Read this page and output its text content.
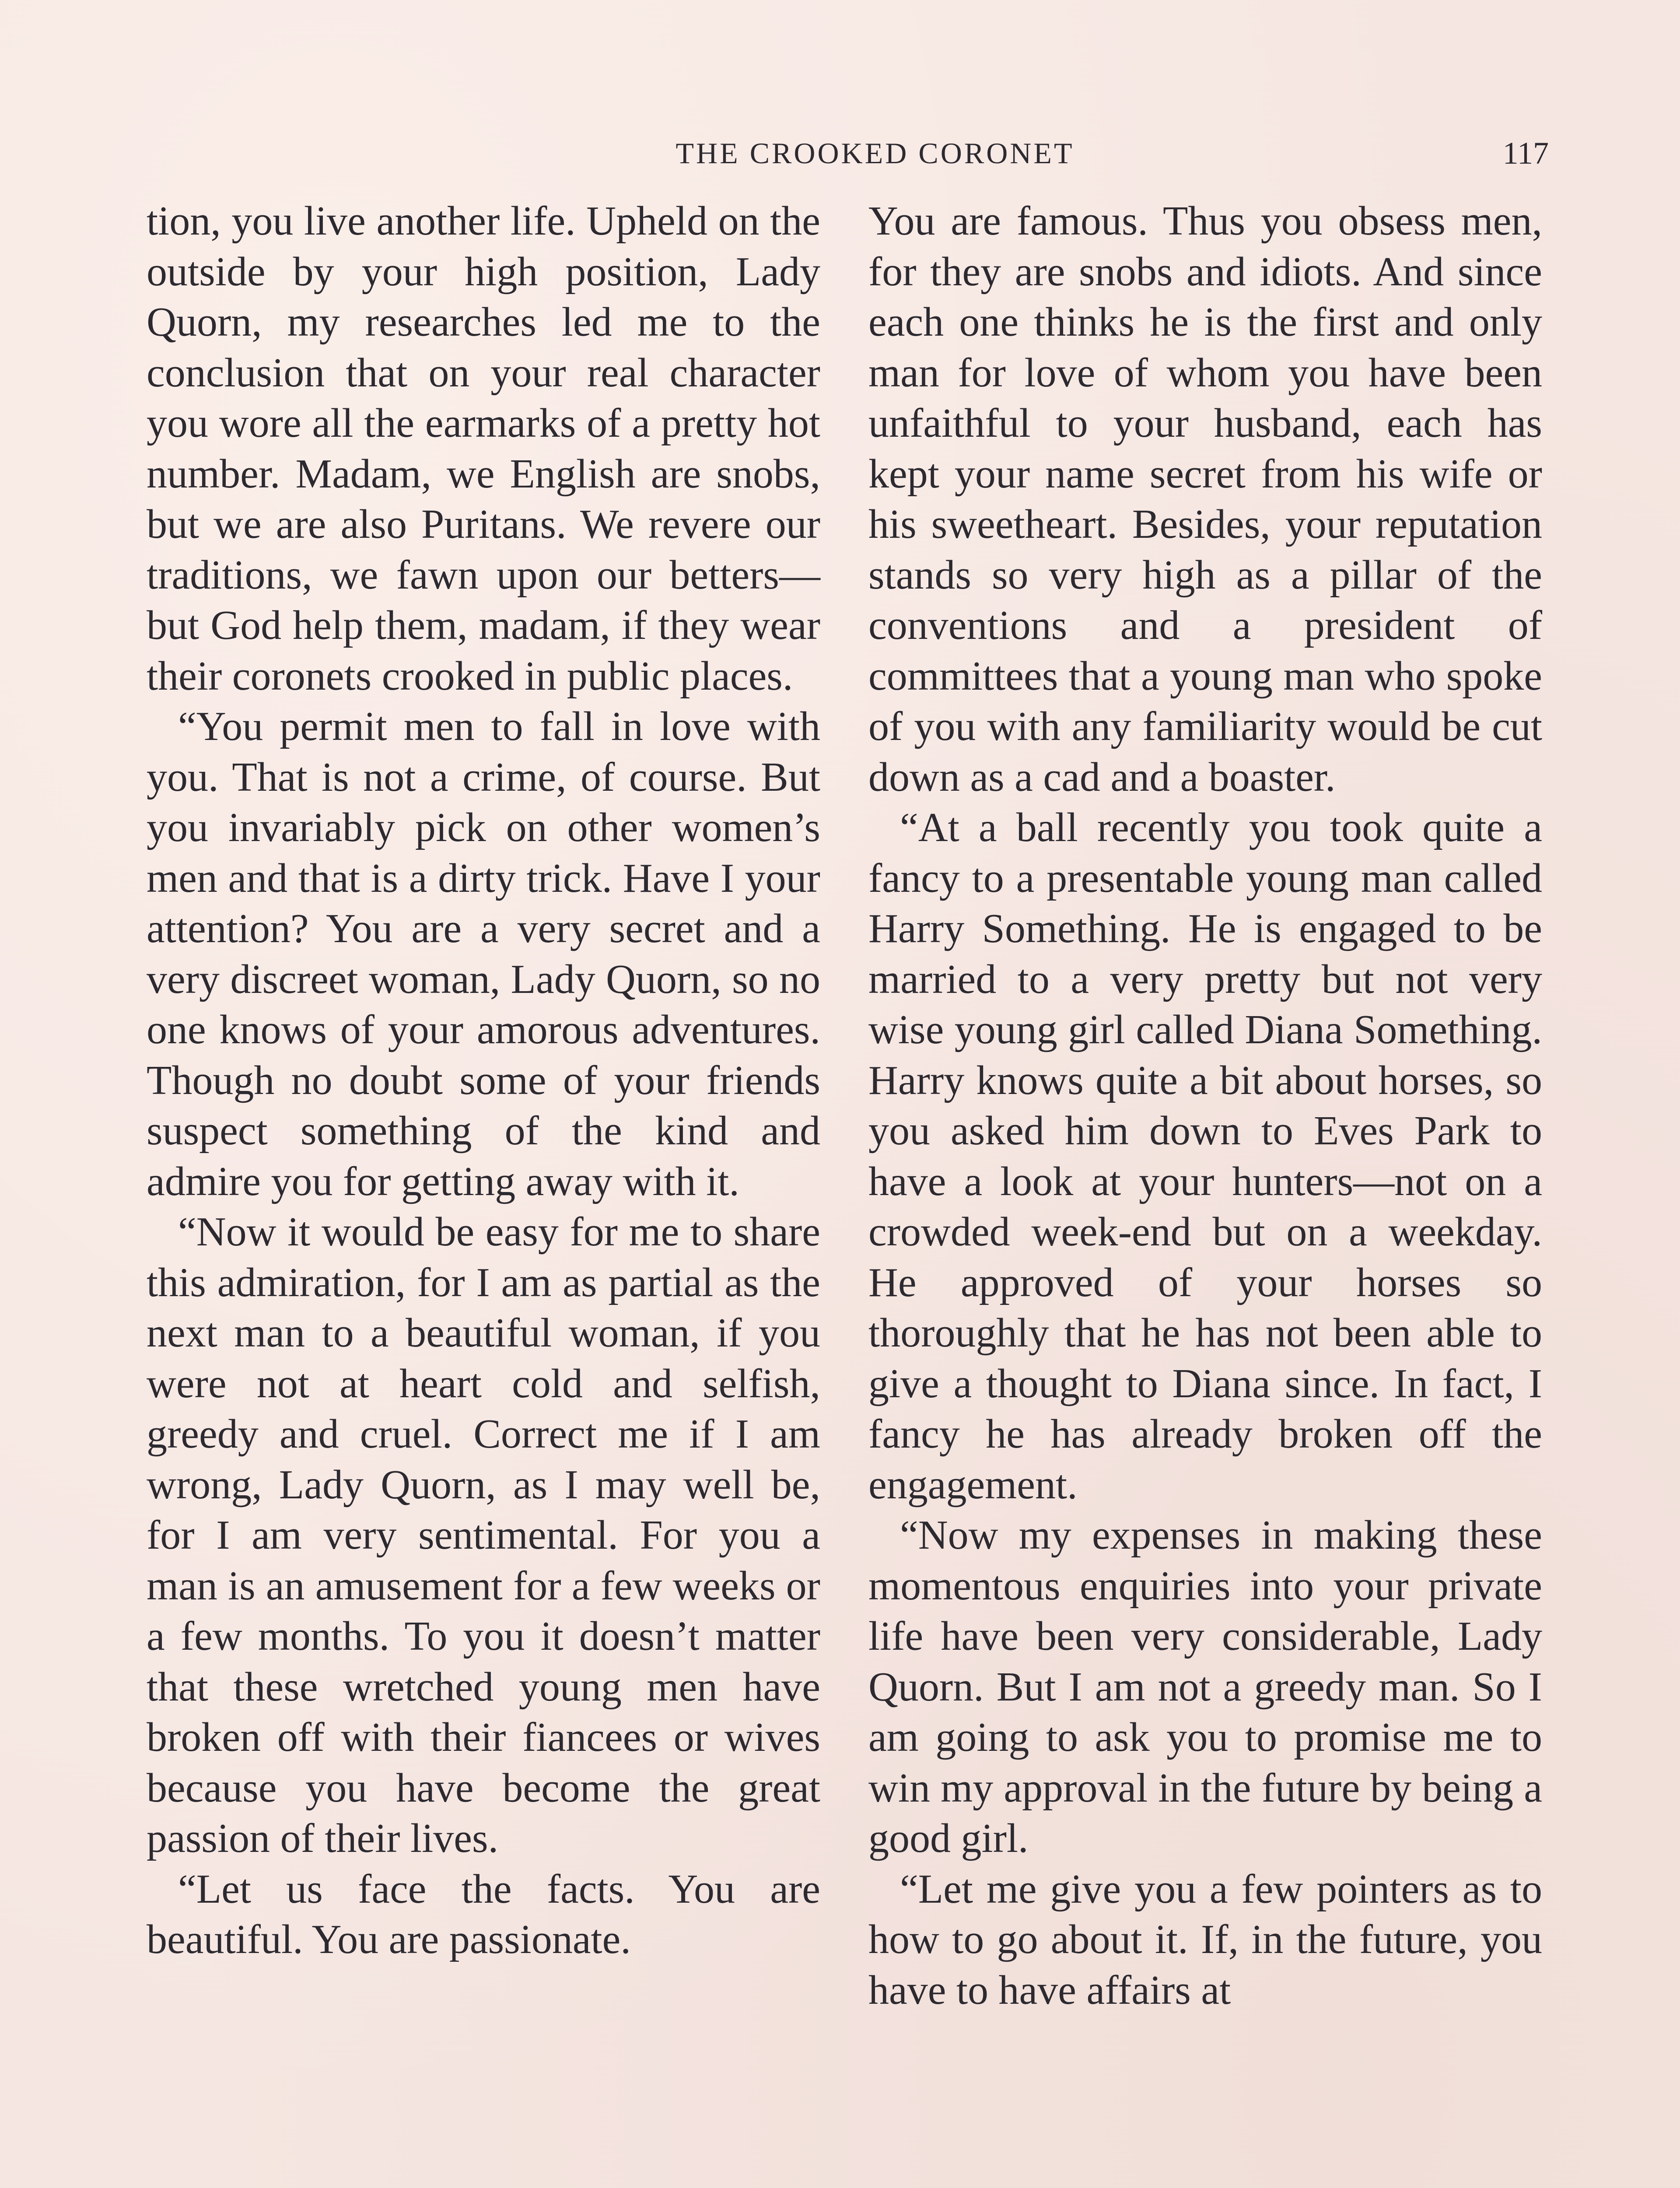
THE CROOKED CORONET	117

tion, you live another life. Upheld on the outside by your high position, Lady Quorn, my researches led me to the conclusion that on your real character you wore all the earmarks of a pretty hot number. Madam, we English are snobs, but we are also Puritans. We revere our traditions, we fawn upon our betters—but God help them, madam, if they wear their coronets crooked in public places.

“You permit men to fall in love with you. That is not a crime, of course. But you invariably pick on other women’s men and that is a dirty trick. Have I your attention? You are a very secret and a very discreet woman, Lady Quorn, so no one knows of your amorous adventures. Though no doubt some of your friends suspect something of the kind and admire you for getting away with it.

“Now it would be easy for me to share this admiration, for I am as partial as the next man to a beautiful woman, if you were not at heart cold and selfish, greedy and cruel. Correct me if I am wrong, Lady Quorn, as I may well be, for I am very sentimental. For you a man is an amusement for a few weeks or a few months. To you it doesn’t matter that these wretched young men have broken off with their fiancees or wives because you have become the great passion of their lives.

“Let us face the facts. You are beautiful. You are passionate.

You are famous. Thus you obsess men, for they are snobs and idiots. And since each one thinks he is the first and only man for love of whom you have been unfaithful to your husband, each has kept your name secret from his wife or his sweetheart. Besides, your reputation stands so very high as a pillar of the conventions and a president of committees that a young man who spoke of you with any familiarity would be cut down as a cad and a boaster.

“At a ball recently you took quite a fancy to a presentable young man called Harry Something. He is engaged to be married to a very pretty but not very wise young girl called Diana Something. Harry knows quite a bit about horses, so you asked him down to Eves Park to have a look at your hunters—not on a crowded week-end but on a weekday. He approved of your horses so thoroughly that he has not been able to give a thought to Diana since. In fact, I fancy he has already broken off the engagement.

“Now my expenses in making these momentous enquiries into your private life have been very considerable, Lady Quorn. But I am not a greedy man. So I am going to ask you to promise me to win my approval in the future by being a good girl.

“Let me give you a few pointers as to how to go about it. If, in the future, you have to have affairs at
